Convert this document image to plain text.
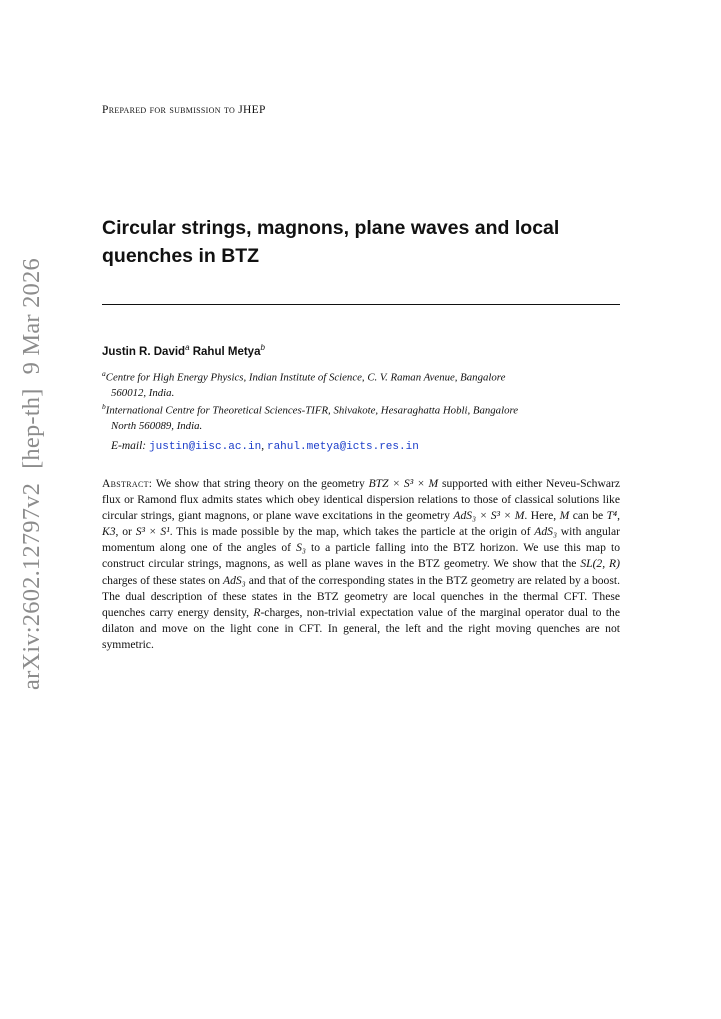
arXiv:2602.12797v2[hep-th]9 Mar 2026
Prepared for submission to JHEP
Circular strings, magnons, plane waves and local quenches in BTZ
Justin R. David$^a$ Rahul Metya$^b$
$^a$Centre for High Energy Physics, Indian Institute of Science, C. V. Raman Avenue, Bangalore
560012, India.
$^b$International Centre for Theoretical Sciences-TIFR, Shivakote, Hesaraghatta Hobli, Bangalore
North 560089, India.
E-mail: justin@iisc.ac.in, rahul.metya@icts.res.in
Abstract: We show that string theory on the geometry BTZ × S³ × M supported with either Neveu-Schwarz flux or Ramond flux admits states which obey identical dispersion relations to those of classical solutions like circular strings, giant magnons, or plane wave excitations in the geometry AdS₃ × S³ × M. Here, M can be T⁴, K3, or S³ × S¹. This is made possible by the map, which takes the particle at the origin of AdS₃ with angular momentum along one of the angles of S₃ to a particle falling into the BTZ horizon. We use this map to construct circular strings, magnons, as well as plane waves in the BTZ geometry. We show that the SL(2, R) charges of these states on AdS₃ and that of the corresponding states in the BTZ geometry are related by a boost. The dual description of these states in the BTZ geometry are local quenches in the thermal CFT. These quenches carry energy density, R-charges, non-trivial expectation value of the marginal operator dual to the dilaton and move on the light cone in CFT. In general, the left and the right moving quenches are not symmetric.
